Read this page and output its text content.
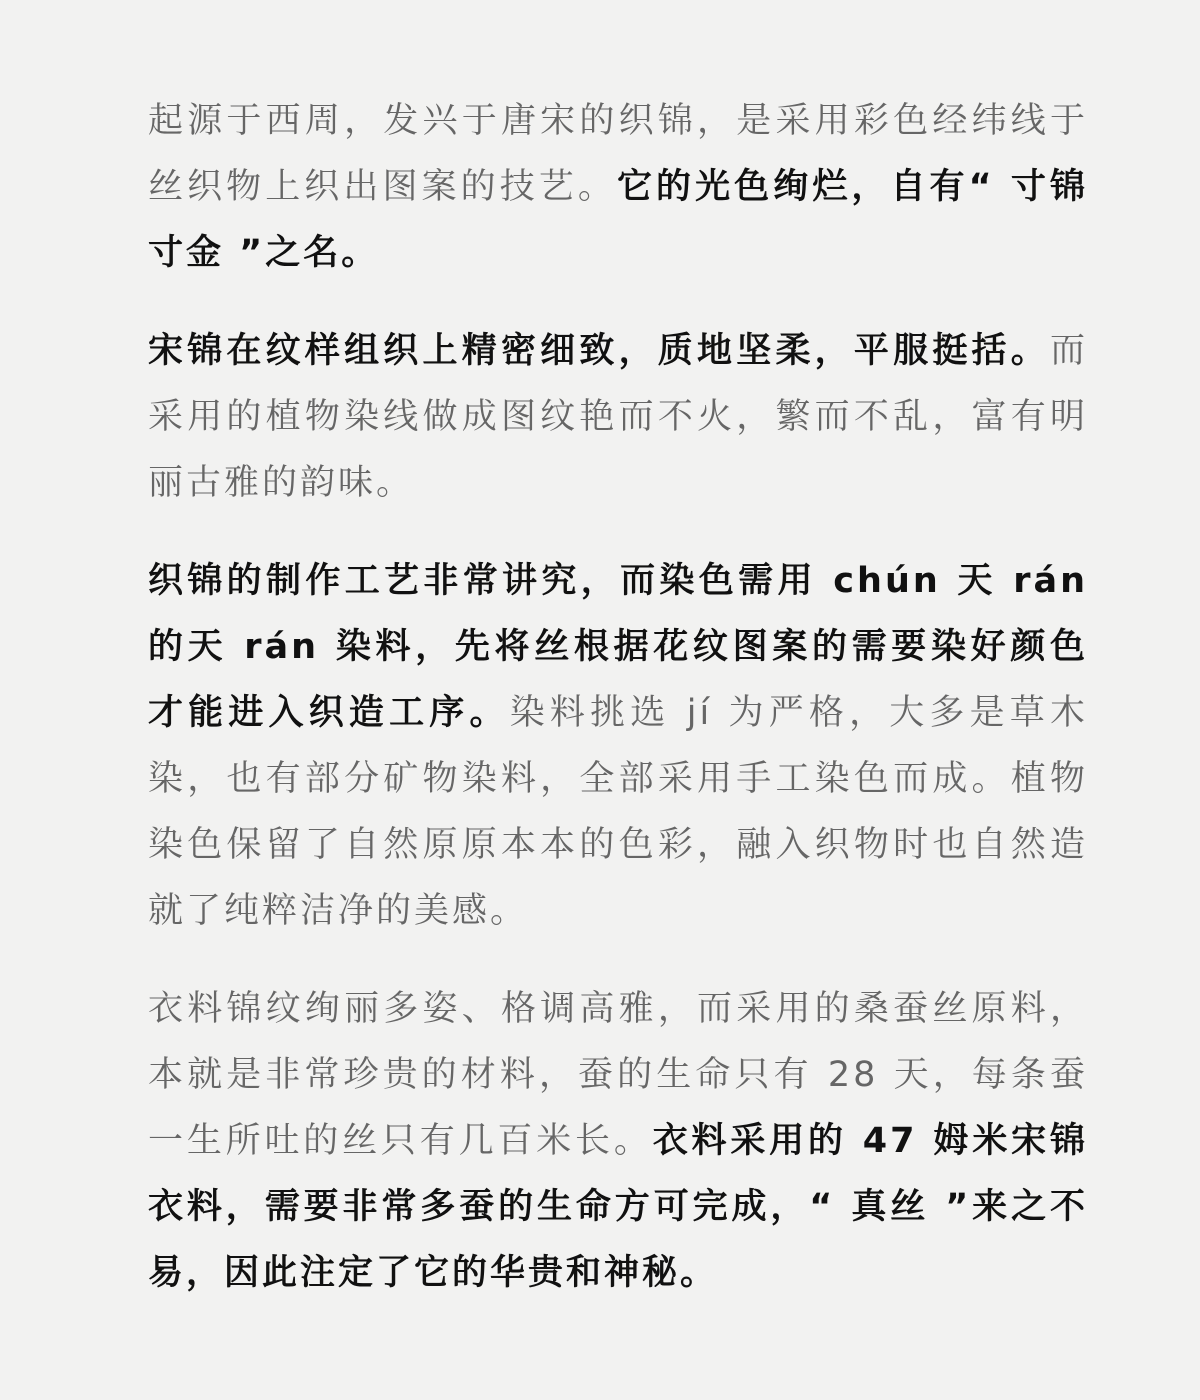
起源于西周，发兴于唐宋的织锦，是采用彩色经纬线于丝织物上织出图案的技艺。它的光色绚烂，自有“ 寸锦寸金 ”之名。

宋锦在纹样组织上精密细致，质地坚柔，平服挺括。而采用的植物染线做成图纹艳而不火，繁而不乱，富有明丽古雅的韵味。

织锦的制作工艺非常讲究，而染色需用 chún 天 rán 的天 rán 染料，先将丝根据花纹图案的需要染好颜色才能进入织造工序。染料挑选 jí 为严格，大多是草木染，也有部分矿物染料，全部采用手工染色而成。植物染色保留了自然原原本本的色彩，融入织物时也自然造就了纯粹洁净的美感。

衣料锦纹绚丽多姿、格调高雅，而采用的桑蚕丝原料，本就是非常珍贵的材料，蚕的生命只有 28 天，每条蚕一生所吐的丝只有几百米长。衣料采用的 47 姆米宋锦衣料，需要非常多蚕的生命方可完成，“ 真丝 ”来之不易，因此注定了它的华贵和神秘。
